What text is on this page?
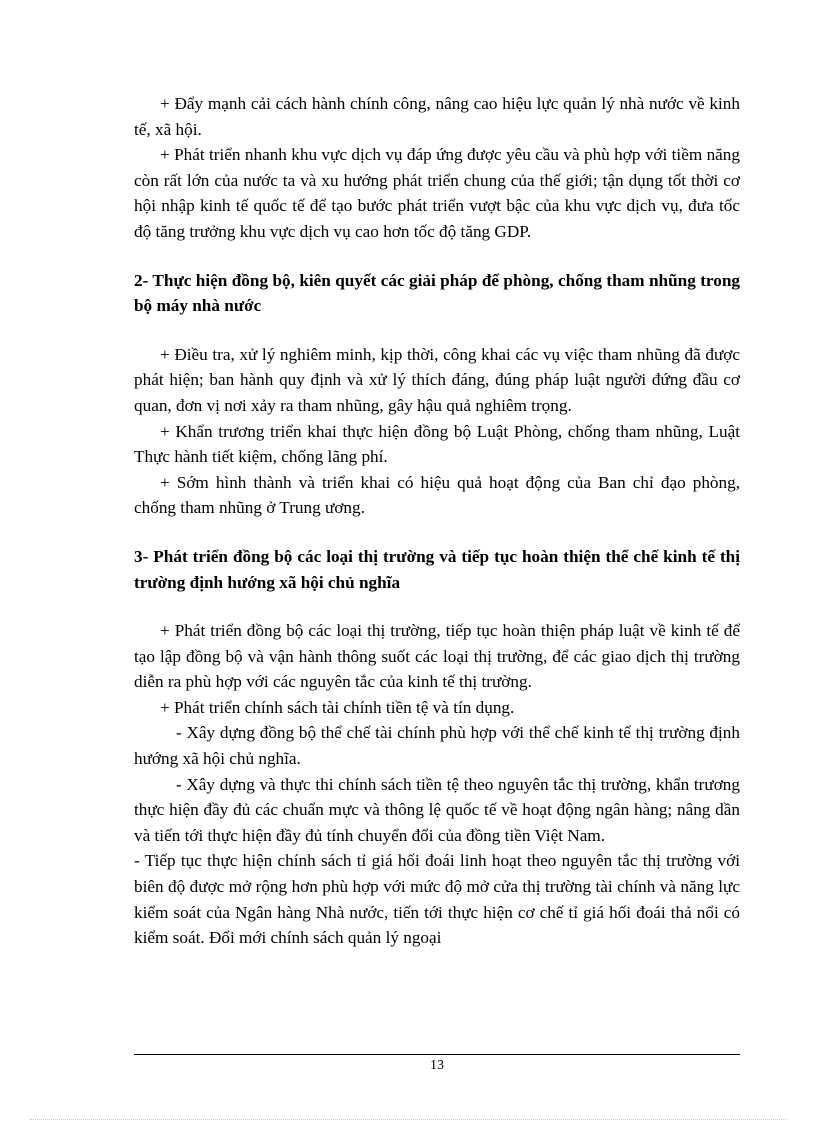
+ Đẩy mạnh cải cách hành chính công, nâng cao hiệu lực quản lý nhà nước về kinh tế, xã hội.

+ Phát triển nhanh khu vực dịch vụ đáp ứng được yêu cầu và phù hợp với tiềm năng còn rất lớn của nước ta và xu hướng phát triển chung của thế giới; tận dụng tốt thời cơ hội nhập kinh tế quốc tế để tạo bước phát triển vượt bậc của khu vực dịch vụ, đưa tốc độ tăng trưởng khu vực dịch vụ cao hơn tốc độ tăng GDP.

2- Thực hiện đồng bộ, kiên quyết các giải pháp để phòng, chống tham nhũng trong bộ máy nhà nước

+ Điều tra, xử lý nghiêm minh, kịp thời, công khai các vụ việc tham nhũng đã được phát hiện; ban hành quy định và xử lý thích đáng, đúng pháp luật người đứng đầu cơ quan, đơn vị nơi xảy ra tham nhũng, gây hậu quả nghiêm trọng.

+ Khẩn trương triển khai thực hiện đồng bộ Luật Phòng, chống tham nhũng, Luật Thực hành tiết kiệm, chống lãng phí.

+ Sớm hình thành và triển khai có hiệu quả hoạt động của Ban chỉ đạo phòng, chống tham nhũng ở Trung ương.

3- Phát triển đồng bộ các loại thị trường và tiếp tục hoàn thiện thể chế kinh tế thị trường định hướng xã hội chủ nghĩa

+ Phát triển đồng bộ các loại thị trường, tiếp tục hoàn thiện pháp luật về kinh tế để tạo lập đồng bộ và vận hành thông suốt các loại thị trường, để các giao dịch thị trường diễn ra phù hợp với các nguyên tắc của kinh tế thị trường.

+ Phát triển chính sách tài chính tiền tệ và tín dụng.

- Xây dựng đồng bộ thể chế tài chính phù hợp với thể chế kinh tế thị trường định hướng xã hội chủ nghĩa.

- Xây dựng và thực thi chính sách tiền tệ theo nguyên tắc thị trường, khẩn trương thực hiện đầy đủ các chuẩn mực và thông lệ quốc tế về hoạt động ngân hàng; nâng dần và tiến tới thực hiện đầy đủ tính chuyển đổi của đồng tiền Việt Nam.

- Tiếp tục thực hiện chính sách tỉ giá hối đoái linh hoạt theo nguyên tắc thị trường với biên độ được mở rộng hơn phù hợp với mức độ mở cửa thị trường tài chính và năng lực kiểm soát của Ngân hàng Nhà nước, tiến tới thực hiện cơ chế tỉ giá hối đoái thả nổi có kiểm soát. Đổi mới chính sách quản lý ngoại

13
